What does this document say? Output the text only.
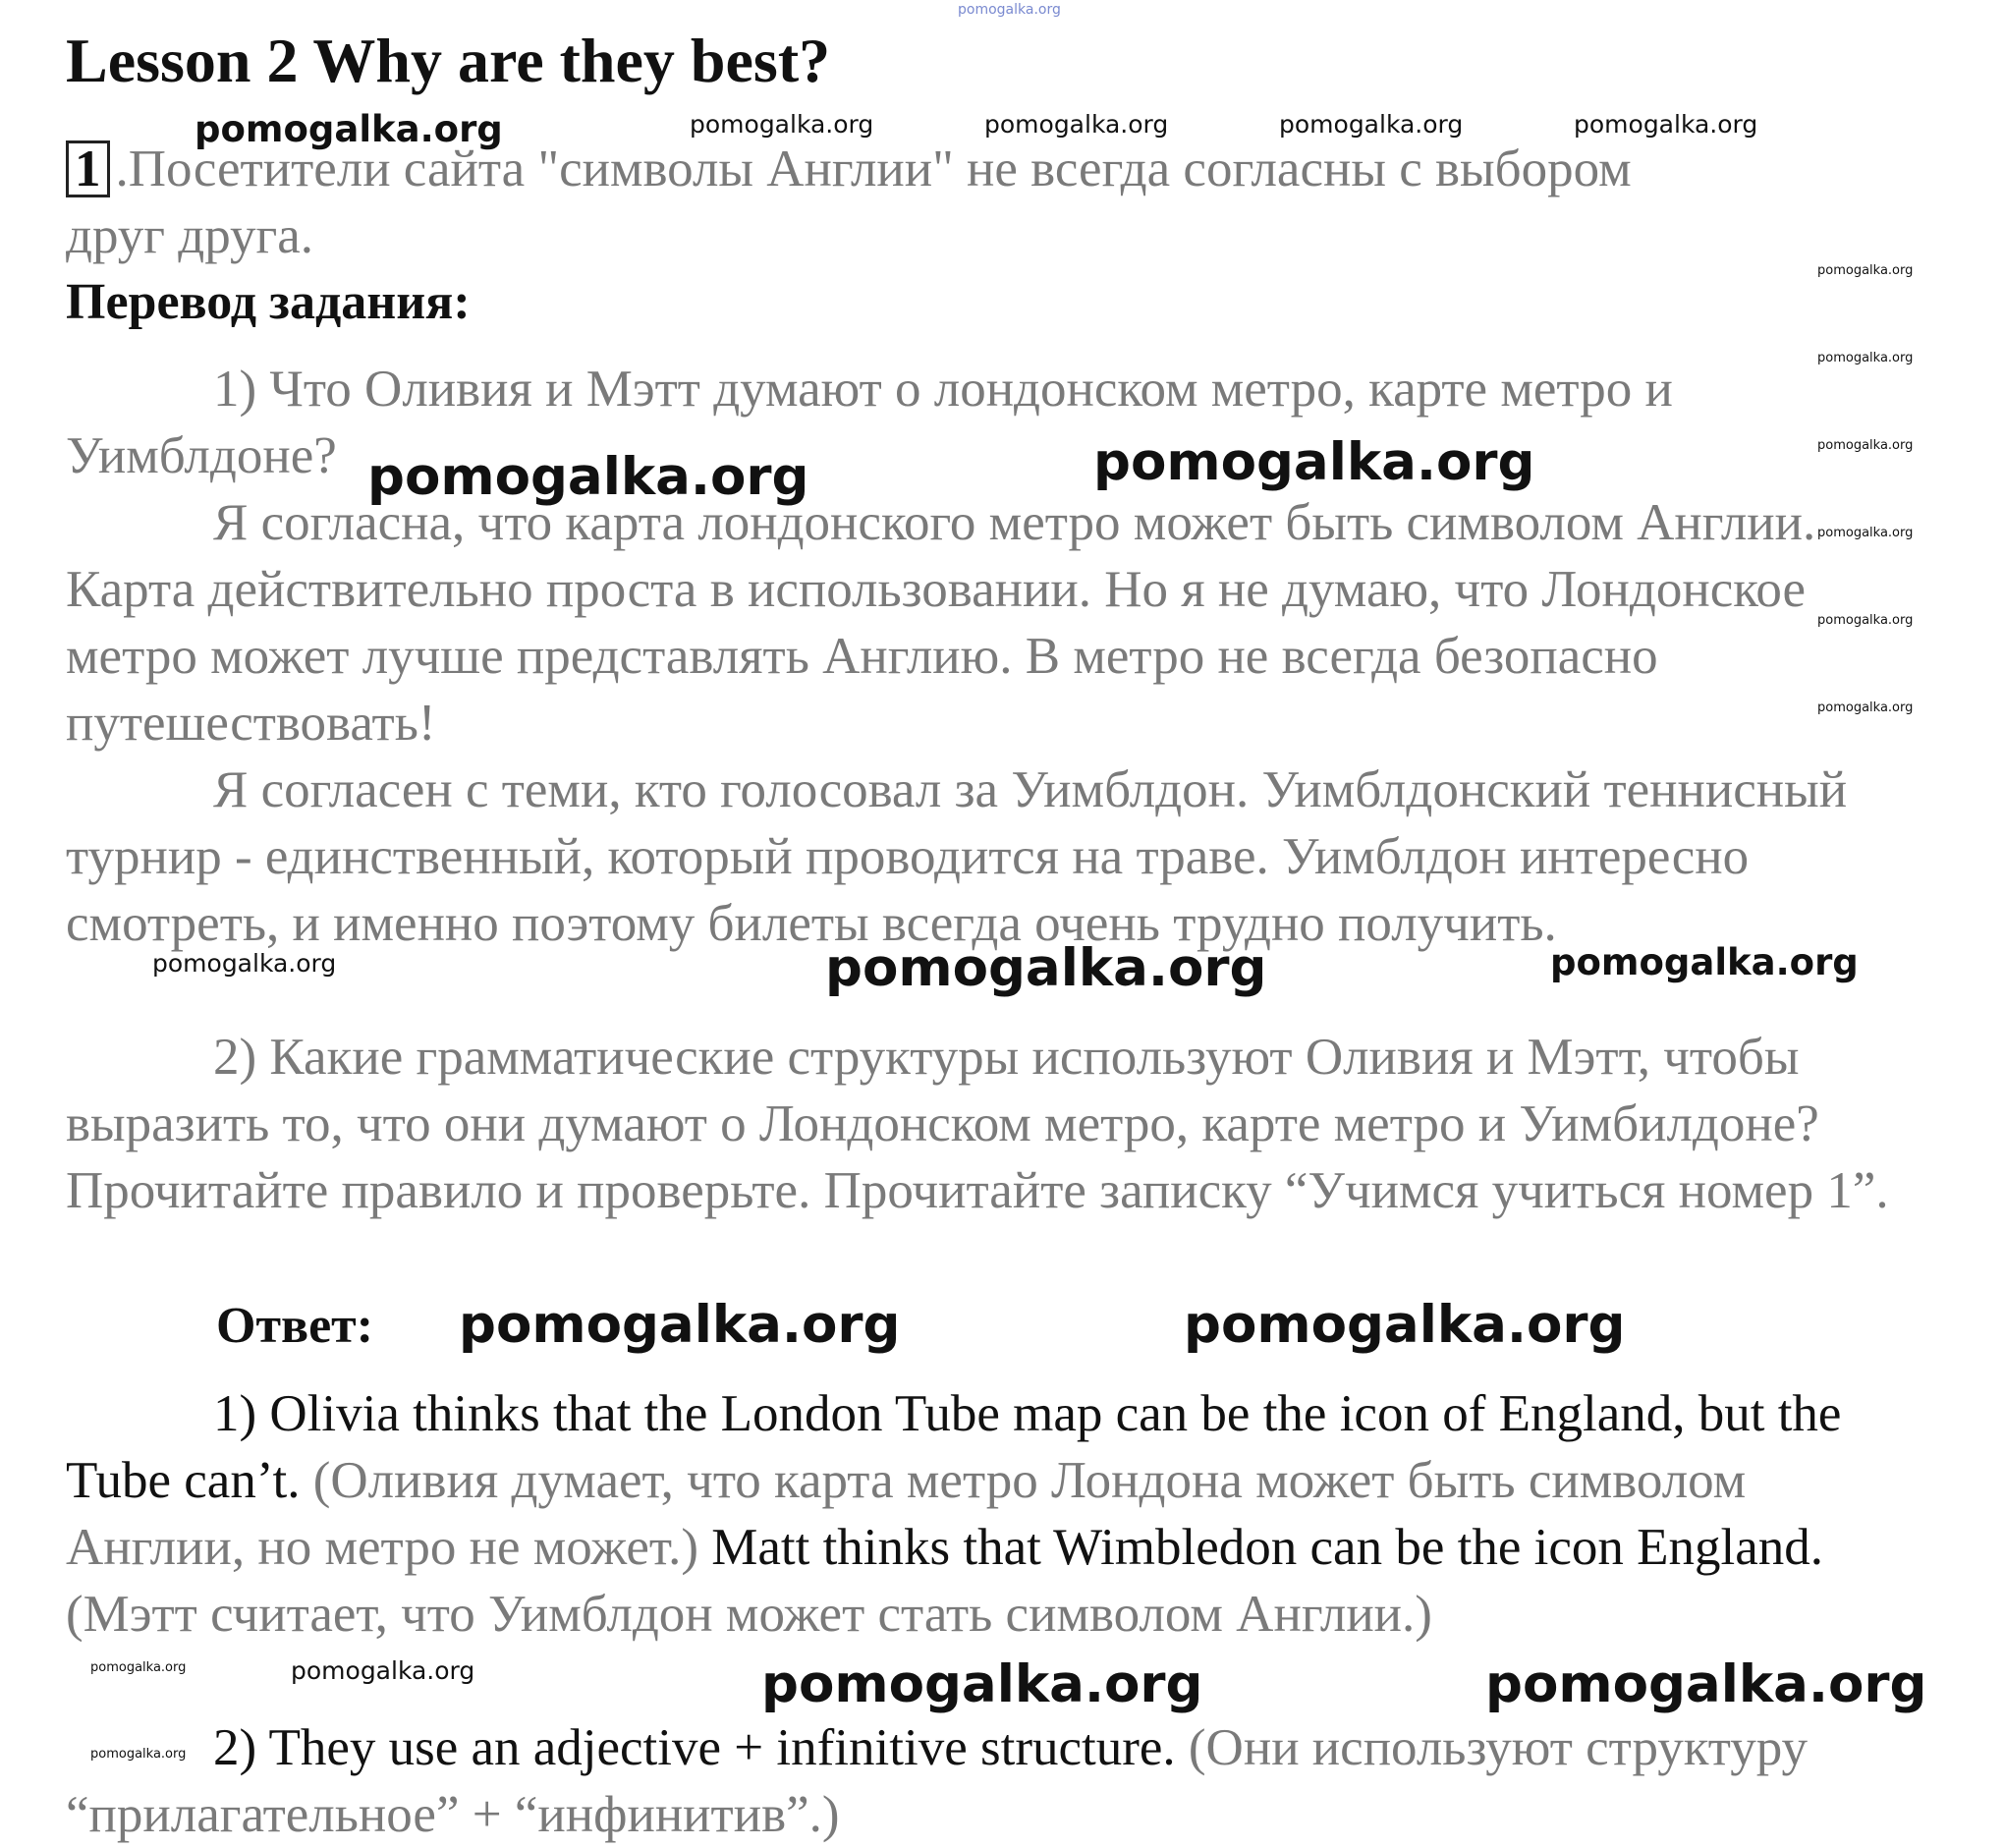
Lesson 2 Why are they best?

1 .Посетители сайта "символы Англии" не всегда согласны с выбором
друг друга.

Перевод задания:

1) Что Оливия и Мэтт думают о лондонском метро, карте метро и Уимблдоне?

Я согласна, что карта лондонского метро может быть символом Англии. Карта действительно проста в использовании. Но я не думаю, что Лондонское метро может лучше представлять Англию. В метро не всегда безопасно путешествовать!

Я согласен с теми, кто голосовал за Уимблдон. Уимблдонский теннисный турнир - единственный, который проводится на траве. Уимблдон интересно смотреть, и именно поэтому билеты всегда очень трудно получить.

2) Какие грамматические структуры используют Оливия и Мэтт, чтобы выразить то, что они думают о Лондонском метро, карте метро и Уимбилдоне? Прочитайте правило и проверьте. Прочитайте записку “Учимся учиться номер 1”.

Ответ:

1) Olivia thinks that the London Tube map can be the icon of England, but the Tube can’t. (Оливия думает, что карта метро Лондона может быть символом Англии, но метро не может.) Matt thinks that Wimbledon can be the icon England. (Мэтт считает, что Уимблдон может стать символом Англии.)

2) They use an adjective + infinitive structure. (Они используют структуру “прилагательное” + “инфинитив”.)

pomogalka.org
pomogalka.org	pomogalka.org	pomogalka.org	pomogalka.org	pomogalka.org
pomogalka.org
pomogalka.org
pomogalka.org
pomogalka.org
pomogalka.org
pomogalka.org
pomogalka.org	pomogalka.org
pomogalka.org	pomogalka.org	pomogalka.org
pomogalka.org	pomogalka.org
pomogalka.org	pomogalka.org	pomogalka.org	pomogalka.org
pomogalka.org
